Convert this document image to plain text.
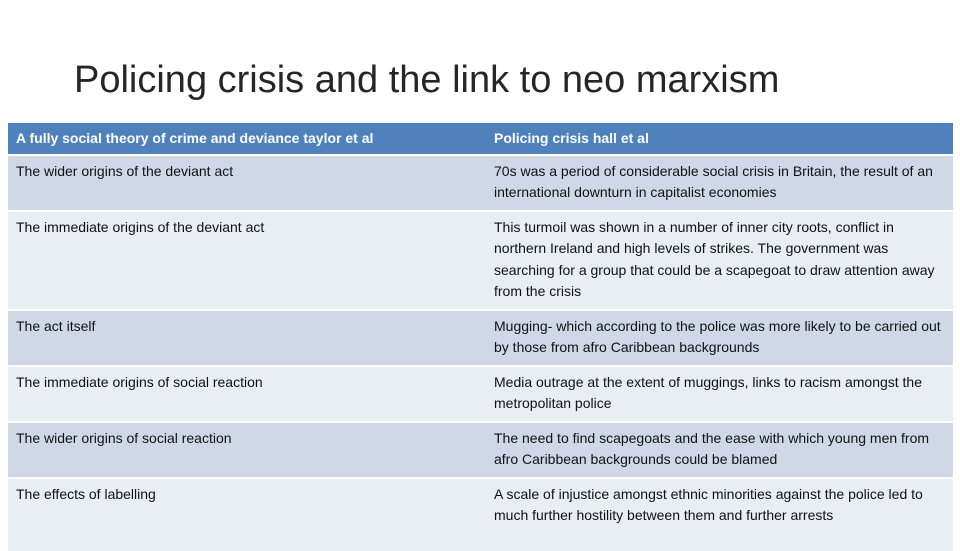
Policing crisis and the link to neo marxism
A fully social theory of crime and deviance taylor et al	Policing crisis hall et al
The wider origins of the deviant act	70s was a period of considerable social crisis in Britain, the result of an international downturn in capitalist economies
The immediate origins of the deviant act	This turmoil was shown in a number of inner city roots, conflict in northern Ireland and high levels of strikes. The government was searching for a group that could be a scapegoat to draw attention away from the crisis
The act itself	Mugging- which according to the police was more likely to be carried out by those from afro Caribbean backgrounds
The immediate origins of social reaction	Media outrage at the extent of muggings, links to racism amongst the metropolitan police
The wider origins of social reaction	The need to find scapegoats and the ease with which young men from afro Caribbean backgrounds could be blamed
The effects of labelling	A scale of injustice amongst ethnic minorities against the police led to much further hostility between them and further arrests
